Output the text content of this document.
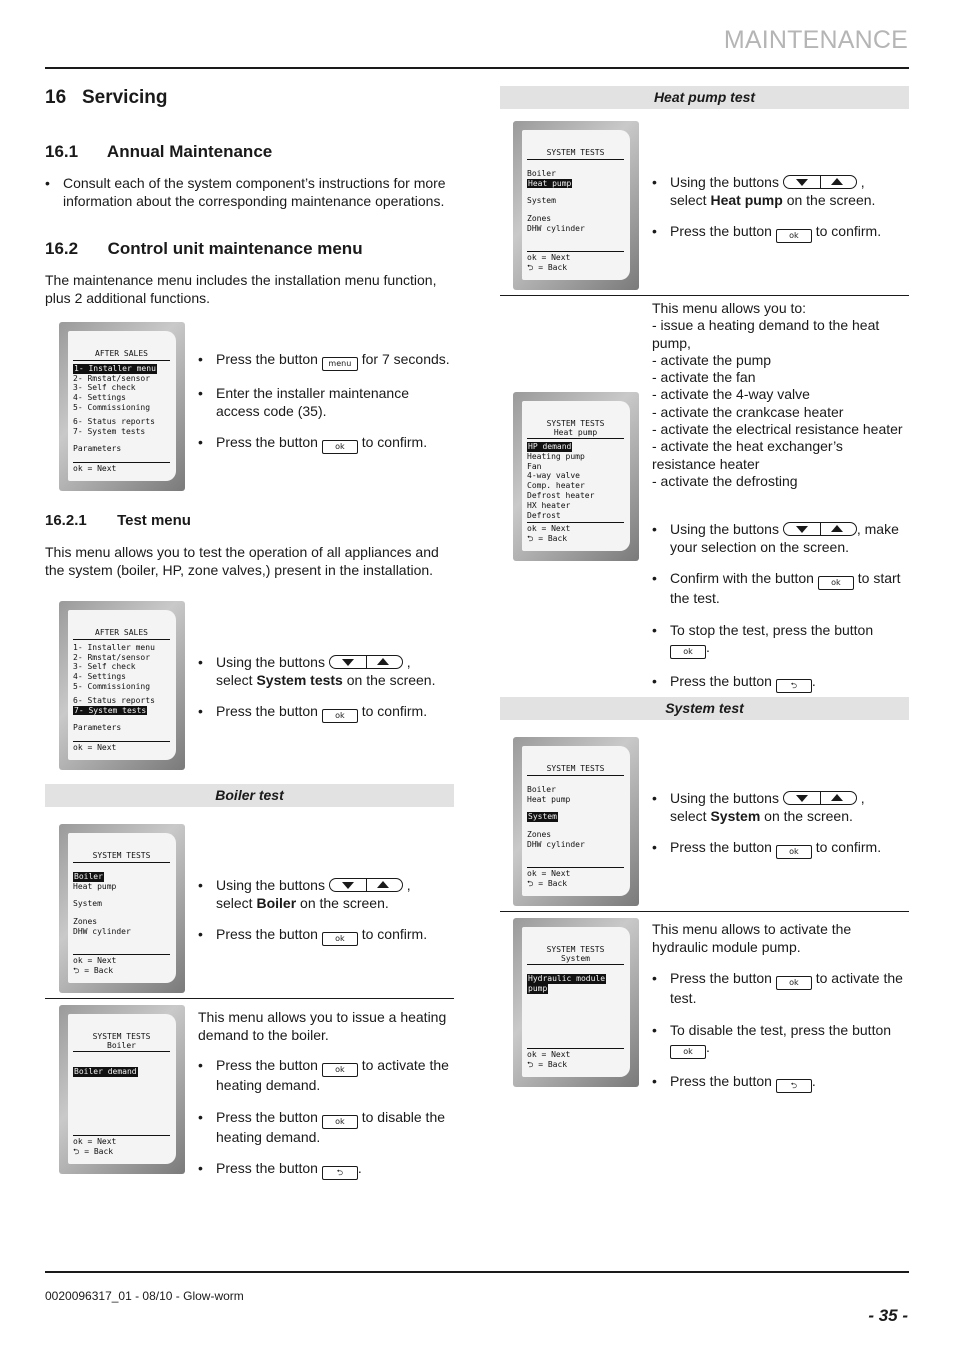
MAINTENANCE
16 Servicing
16.1 Annual Maintenance
• Consult each of the system component’s instructions for more information about the corresponding maintenance operations.
16.2 Control unit maintenance menu

The maintenance menu includes the installation menu function, plus 2 additional functions.

AFTER SALES
1- Installer menu
2- Rmstat/sensor
3- Self check
4- Settings
5- Commissioning
6- Status reports
7- System tests
Parameters
ok = Next
• Press the button menu for 7 seconds.
• Enter the installer maintenance access code (35).
• Press the button ok to confirm.
16.2.1 Test menu

This menu allows you to test the operation of all appliances and the system (boiler, HP, zone valves,) present in the installation.

AFTER SALES
1- Installer menu
2- Rmstat/sensor
3- Self check
4- Settings
5- Commissioning
6- Status reports
7- System tests
Parameters
ok = Next
• Using the buttons	,
select System tests on the screen.
• Press the button ok to confirm.
Boiler test
SYSTEM TESTS
Boiler
Heat pump
System
Zones
DHW cylinder
ok = Next
⮌ = Back
• Using the buttons	,
select Boiler on the screen.
• Press the button ok to confirm.
SYSTEM TESTS
Boiler
Boiler demand
ok = Next
⮌ = Back

This menu allows you to issue a heating demand to the boiler.

• Press the button ok to activate the heating demand.
• Press the button ok to disable the heating demand.
• Press the button ⮌ .
Heat pump test
SYSTEM TESTS
Boiler
Heat pump
System
Zones
DHW cylinder
ok = Next
⮌ = Back
• Using the buttons	,
select Heat pump on the screen.
• Press the button ok to confirm.
SYSTEM TESTS
Heat pump
HP demand
Heating pump
Fan
4-way valve
Comp. heater
Defrost heater
HX heater
Defrost
ok = Next
⮌ = Back

This menu allows you to:

- issue a heating demand to the heat pump,
- activate the pump
- activate the fan
- activate the 4-way valve
- activate the crankcase heater
- activate the electrical resistance heater
- activate the heat exchanger’s resistance heater
- activate the defrosting
• Using the buttons	, make your selection on the screen.
• Confirm with the button ok to start the test.
• To stop the test, press the button
ok .
• Press the button ⮌ .
System test
SYSTEM TESTS
Boiler
Heat pump
System
Zones
DHW cylinder
ok = Next
⮌ = Back
• Using the buttons	,
select System on the screen.
• Press the button ok to confirm.
SYSTEM TESTS
System
Hydraulic module
pump
ok = Next
⮌ = Back

This menu allows to activate the hydraulic module pump.

• Press the button ok to activate the test.
• To disable the test, press the button
ok .
• Press the button ⮌ .
0020096317_01 - 08/10 - Glow-worm
- 35 -
